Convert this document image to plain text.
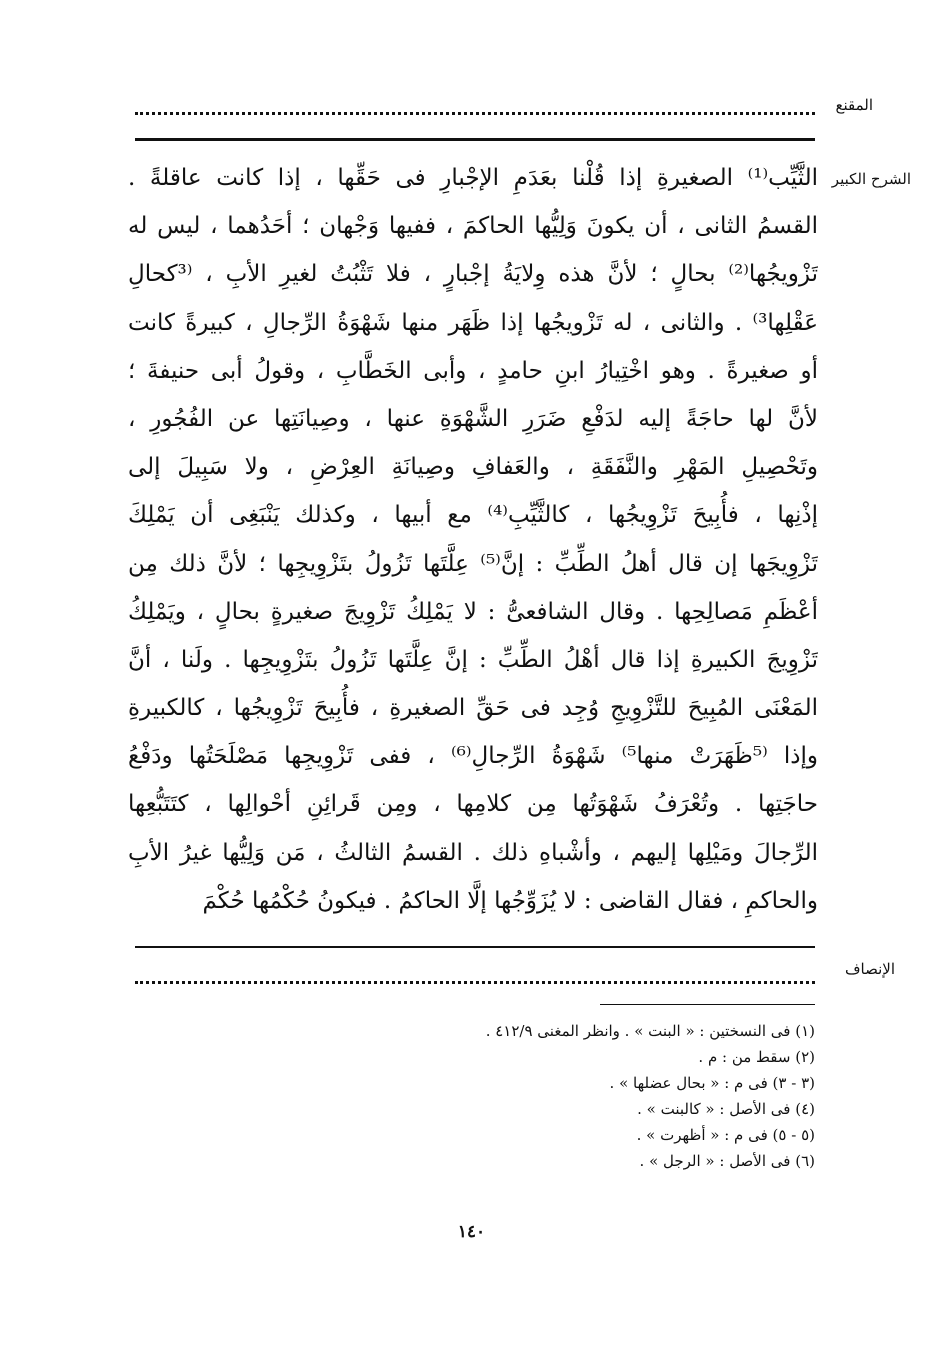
المقنع
الشرح الكبير
الثَّيِّب⁽¹⁾ الصغيرةِ إذا قُلْنا بعَدَمِ الإجْبارِ فى حَقِّها ، إذا كانت عاقلةً .
القسمُ الثانى ، أن يكونَ وَلِيُّها الحاكمَ ، ففيها وَجْهان ؛ أحَدُهما ، ليس له
تَزْويجُها⁽²⁾ بحالٍ ؛ لأنَّ هذه وِلايَةُ إجْبارٍ ، فلا تَثْبُتُ لغيرِ الأبِ ، ⁽³كحالِ
عَقْلِها³⁾ . والثانى ، له تَزْويجُها إذا ظَهَر منها شَهْوَةُ الرِّجالِ ، كبيرةً كانت
أو صغيرةً . وهو اخْتِيارُ ابنِ حامدٍ ، وأبى الخَطَّابِ ، وقولُ أبى حنيفةَ ؛
لأنَّ لها حاجَةً إليه لدَفْعِ ضَرَرِ الشَّهْوَةِ عنها ، وصِيانَتِها عن الفُجُورِ ،
وتَحْصِيلِ المَهْرِ والنَّفَقَةِ ، والعَفافِ وصِيانَةِ العِرْضِ ، ولا سَبِيلَ إلى
إذْنِها ، فأُبِيحَ تَزْوِيجُها ، كالثَّيِّبِ⁽⁴⁾ مع أبيها ، وكذلك يَنْبَغِى أن يَمْلِكَ
تَزْوِيجَها إن قال أهلُ الطِّبِّ : إنَّ⁽⁵⁾ عِلَّتَها تَزُولُ بتَزْوِيجِها ؛ لأنَّ ذلك مِن
أعْظَمِ مَصالِحِها . وقال الشافعىُّ : لا يَمْلِكُ تَزْوِيجَ صغيرةٍ بحالٍ ، ويَمْلِكُ
تَزْوِيجَ الكبيرةِ إذا قال أهْلُ الطِّبِّ : إنَّ عِلَّتَها تَزُولُ بتَزْوِيجِها . ولَنا ، أنَّ
المَعْنَى المُبِيحَ للتَّزْوِيجِ وُجِد فى حَقِّ الصغيرةِ ، فأُبِيحَ تَزْوِيجُها ، كالكبيرةِ
وإذا ⁽⁵ظَهَرَتْ منها⁵⁾ شَهْوَةُ الرِّجالِ⁽⁶⁾ ، ففى تَزْوِيجِها مَصْلَحَتُها ودَفْعُ
حاجَتِها . وتُعْرَفُ شَهْوَتُها مِن كلامِها ، ومِن قَرائِنِ أحْوالِها ، كتَتَبُّعِها
الرِّجالَ ومَيْلِها إليهم ، وأشْباهِ ذلك . القسمُ الثالثُ ، مَن وَلِيُّها غيرُ الأبِ
والحاكمِ ، فقال القاضى : لا يُزَوِّجُها إلَّا الحاكمُ . فيكونُ حُكْمُها حُكْمَ
الإنصاف
(١) فى النسختين : « البنت » . وانظر المغنى ٤١٢/٩ .
(٢) سقط من : م .
(٣ - ٣) فى م : « بحال عضلها » .
(٤) فى الأصل : « كالبنت » .
(٥ - ٥) فى م : « أظهرت » .
(٦) فى الأصل : « الرجل » .
١٤٠
